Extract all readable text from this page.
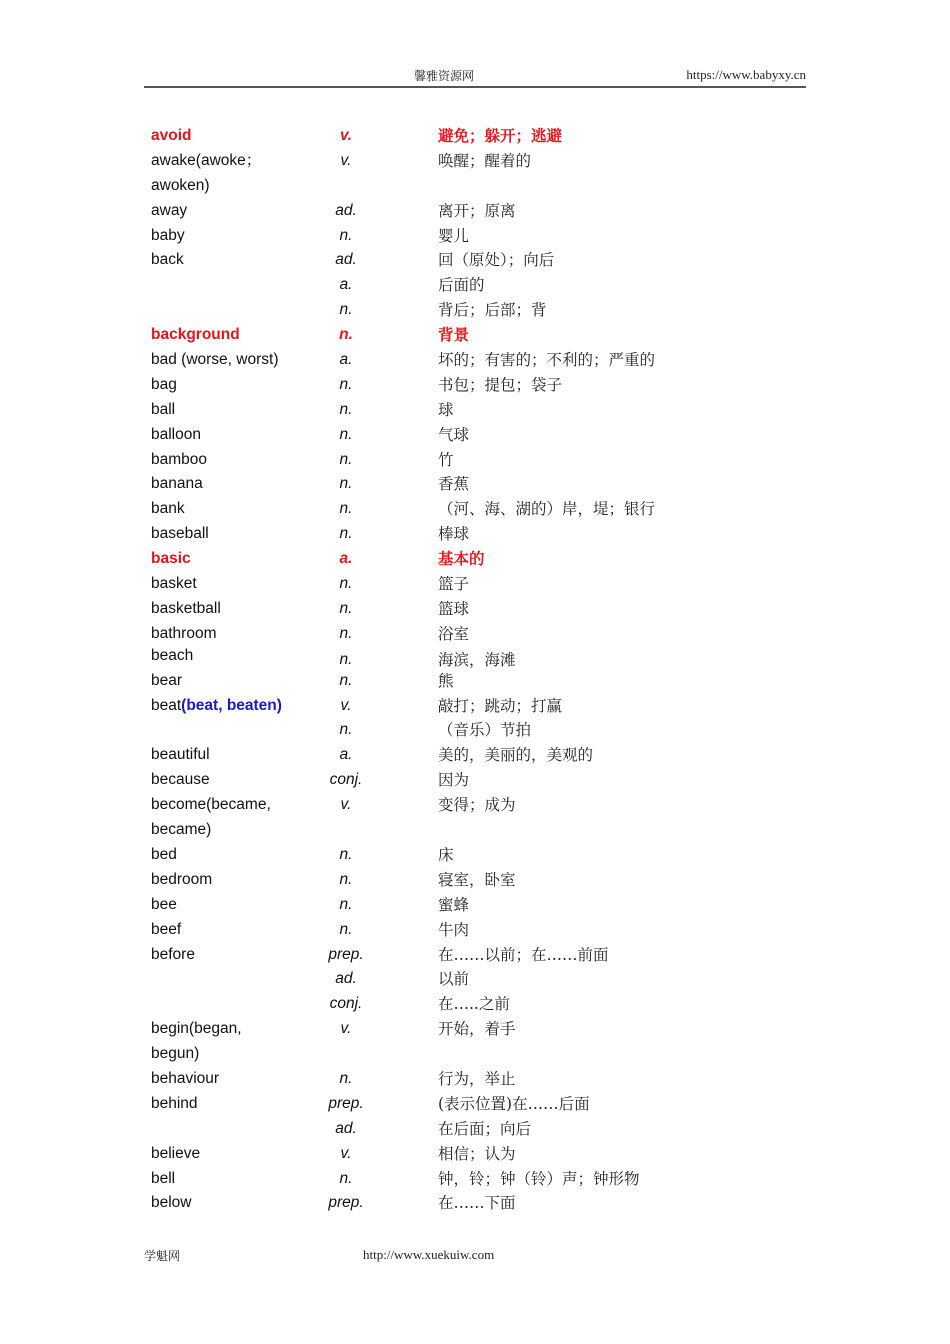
馨雅资源网	https://www.babyxy.cn
avoid	v.	避免；躲开；逃避
awake(awoke；	v.	唤醒；醒着的
awoken)
away	ad.	离开；原离
baby	n.	婴儿
back	ad.	回（原处）；向后
a.	后面的
n.	背后；后部；背
background	n.	背景
bad (worse, worst)	a.	坏的；有害的；不利的；严重的
bag	n.	书包；提包；袋子
ball	n.	球
balloon	n.	气球
bamboo	n.	竹
banana	n.	香蕉
bank	n.	（河、海、湖的）岸，堤；银行
baseball	n.	棒球
basic	a.	基本的
basket	n.	篮子
basketball	n.	篮球
bathroom	n.	浴室
beach	n.	海滨，海滩
bear	n.	熊
beat(beat, beaten)	v.	敲打；跳动；打赢
n.	（音乐）节拍
beautiful	a.	美的，美丽的，美观的
because	conj.	因为
become(became,	v.	变得；成为
became)
bed	n.	床
bedroom	n.	寝室，卧室
bee	n.	蜜蜂
beef	n.	牛肉
before	prep.	在……以前；在……前面
ad.	以前
conj.	在…..之前
begin(began,	v.	开始，着手
begun)
behaviour	n.	行为，举止
behind	prep.	(表示位置)在……后面
ad.	在后面；向后
believe	v.	相信；认为
bell	n.	钟，铃；钟（铃）声；钟形物
below	prep.	在……下面
学魁网	http://www.xuekuiw.com
